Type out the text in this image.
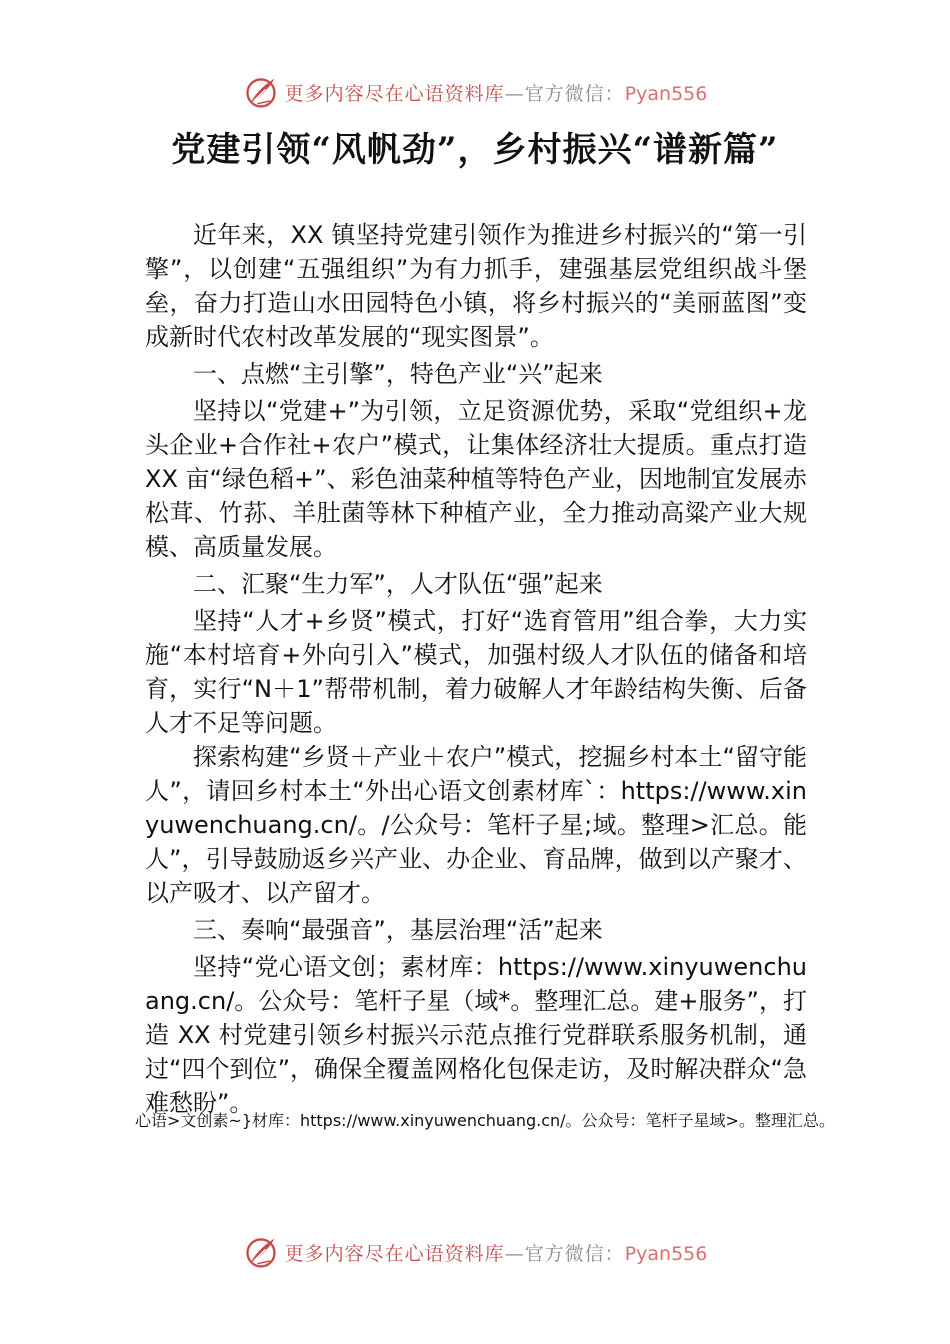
更多内容尽在心语资料库—官方微信：Pyan556
党建引领“风帆劲”，乡村振兴“谱新篇”

近年来，XX 镇坚持党建引领作为推进乡村振兴的“第一引擎”，以创建“五强组织”为有力抓手，建强基层党组织战斗堡垒，奋力打造山水田园特色小镇，将乡村振兴的“美丽蓝图”变成新时代农村改革发展的“现实图景”。

一、点燃“主引擎”，特色产业“兴”起来

坚持以“党建+”为引领，立足资源优势，采取“党组织+龙头企业+合作社+农户”模式，让集体经济壮大提质。重点打造 XX 亩“绿色稻+”、彩色油菜种植等特色产业，因地制宜发展赤松茸、竹荪、羊肚菌等林下种植产业，全力推动高粱产业大规模、高质量发展。

二、汇聚“生力军”，人才队伍“强”起来

坚持“人才+乡贤”模式，打好“选育管用”组合拳，大力实施“本村培育+外向引入”模式，加强村级人才队伍的储备和培育，实行“N＋1”帮带机制，着力破解人才年龄结构失衡、后备人才不足等问题。

探索构建“乡贤＋产业＋农户”模式，挖掘乡村本土“留守能人”，请回乡村本土“外出心语文创素材库`：https://www.xinyuwenchuang.cn/。/公众号：笔杆子星;域。整理>汇总。能人”，引导鼓励返乡兴产业、办企业、育品牌，做到以产聚才、以产吸才、以产留才。

三、奏响“最强音”，基层治理“活”起来

坚持“党心语文创；素材库：https://www.xinyuwenchuang.cn/。公众号：笔杆子星（域*。整理汇总。建+服务”，打造 XX 村党建引领乡村振兴示范点推行党群联系服务机制，通过“四个到位”，确保全覆盖网格化包保走访，及时解决群众“急难愁盼”。

心语>文创素~}材库：https://www.xinyuwenchuang.cn/。公众号：笔杆子星域>。整理汇总。
更多内容尽在心语资料库—官方微信：Pyan556
